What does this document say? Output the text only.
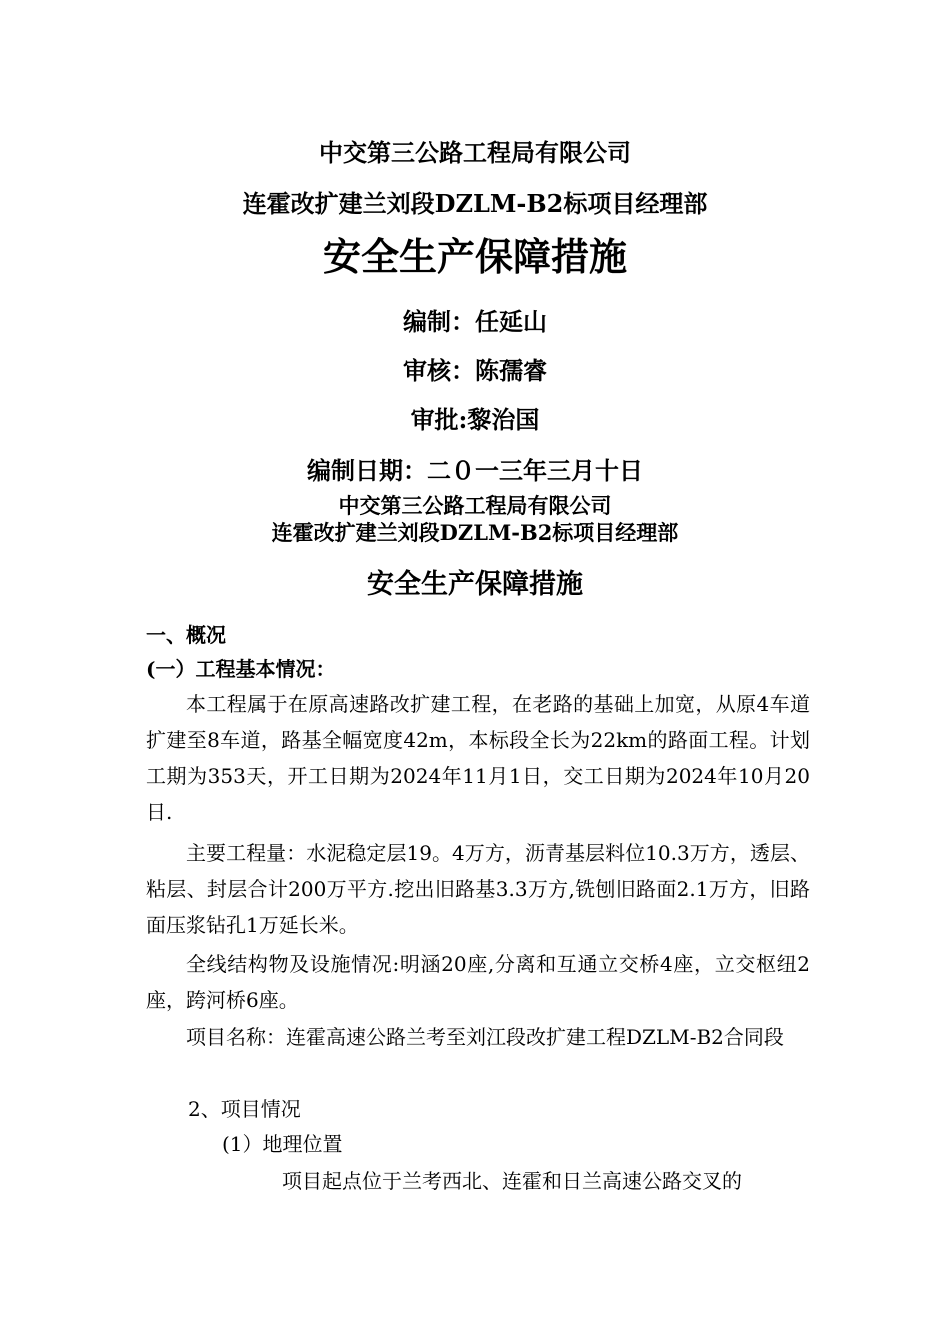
中交第三公路工程局有限公司
连霍改扩建兰刘段DZLM-B2标项目经理部
安全生产保障措施
编制：任延山
审核：陈孺睿
审批:黎治国
编制日期：二０一三年三月十日
中交第三公路工程局有限公司
连霍改扩建兰刘段DZLM-B2标项目经理部
安全生产保障措施
一、概况
(一）工程基本情况：
本工程属于在原高速路改扩建工程，在老路的基础上加宽，从原4车道扩建至8车道，路基全幅宽度42m，本标段全长为22km的路面工程。计划工期为353天，开工日期为2024年11月1日，交工日期为2024年10月20日.
主要工程量：水泥稳定层19。4万方，沥青基层料位10.3万方，透层、粘层、封层合计200万平方.挖出旧路基3.3万方,铣刨旧路面2.1万方，旧路面压浆钻孔1万延长米。
全线结构物及设施情况:明涵20座,分离和互通立交桥4座，立交枢纽2座，跨河桥6座。
项目名称：连霍高速公路兰考至刘江段改扩建工程DZLM-B2合同段
2、项目情况
(1）地理位置
项目起点位于兰考西北、连霍和日兰高速公路交叉的
